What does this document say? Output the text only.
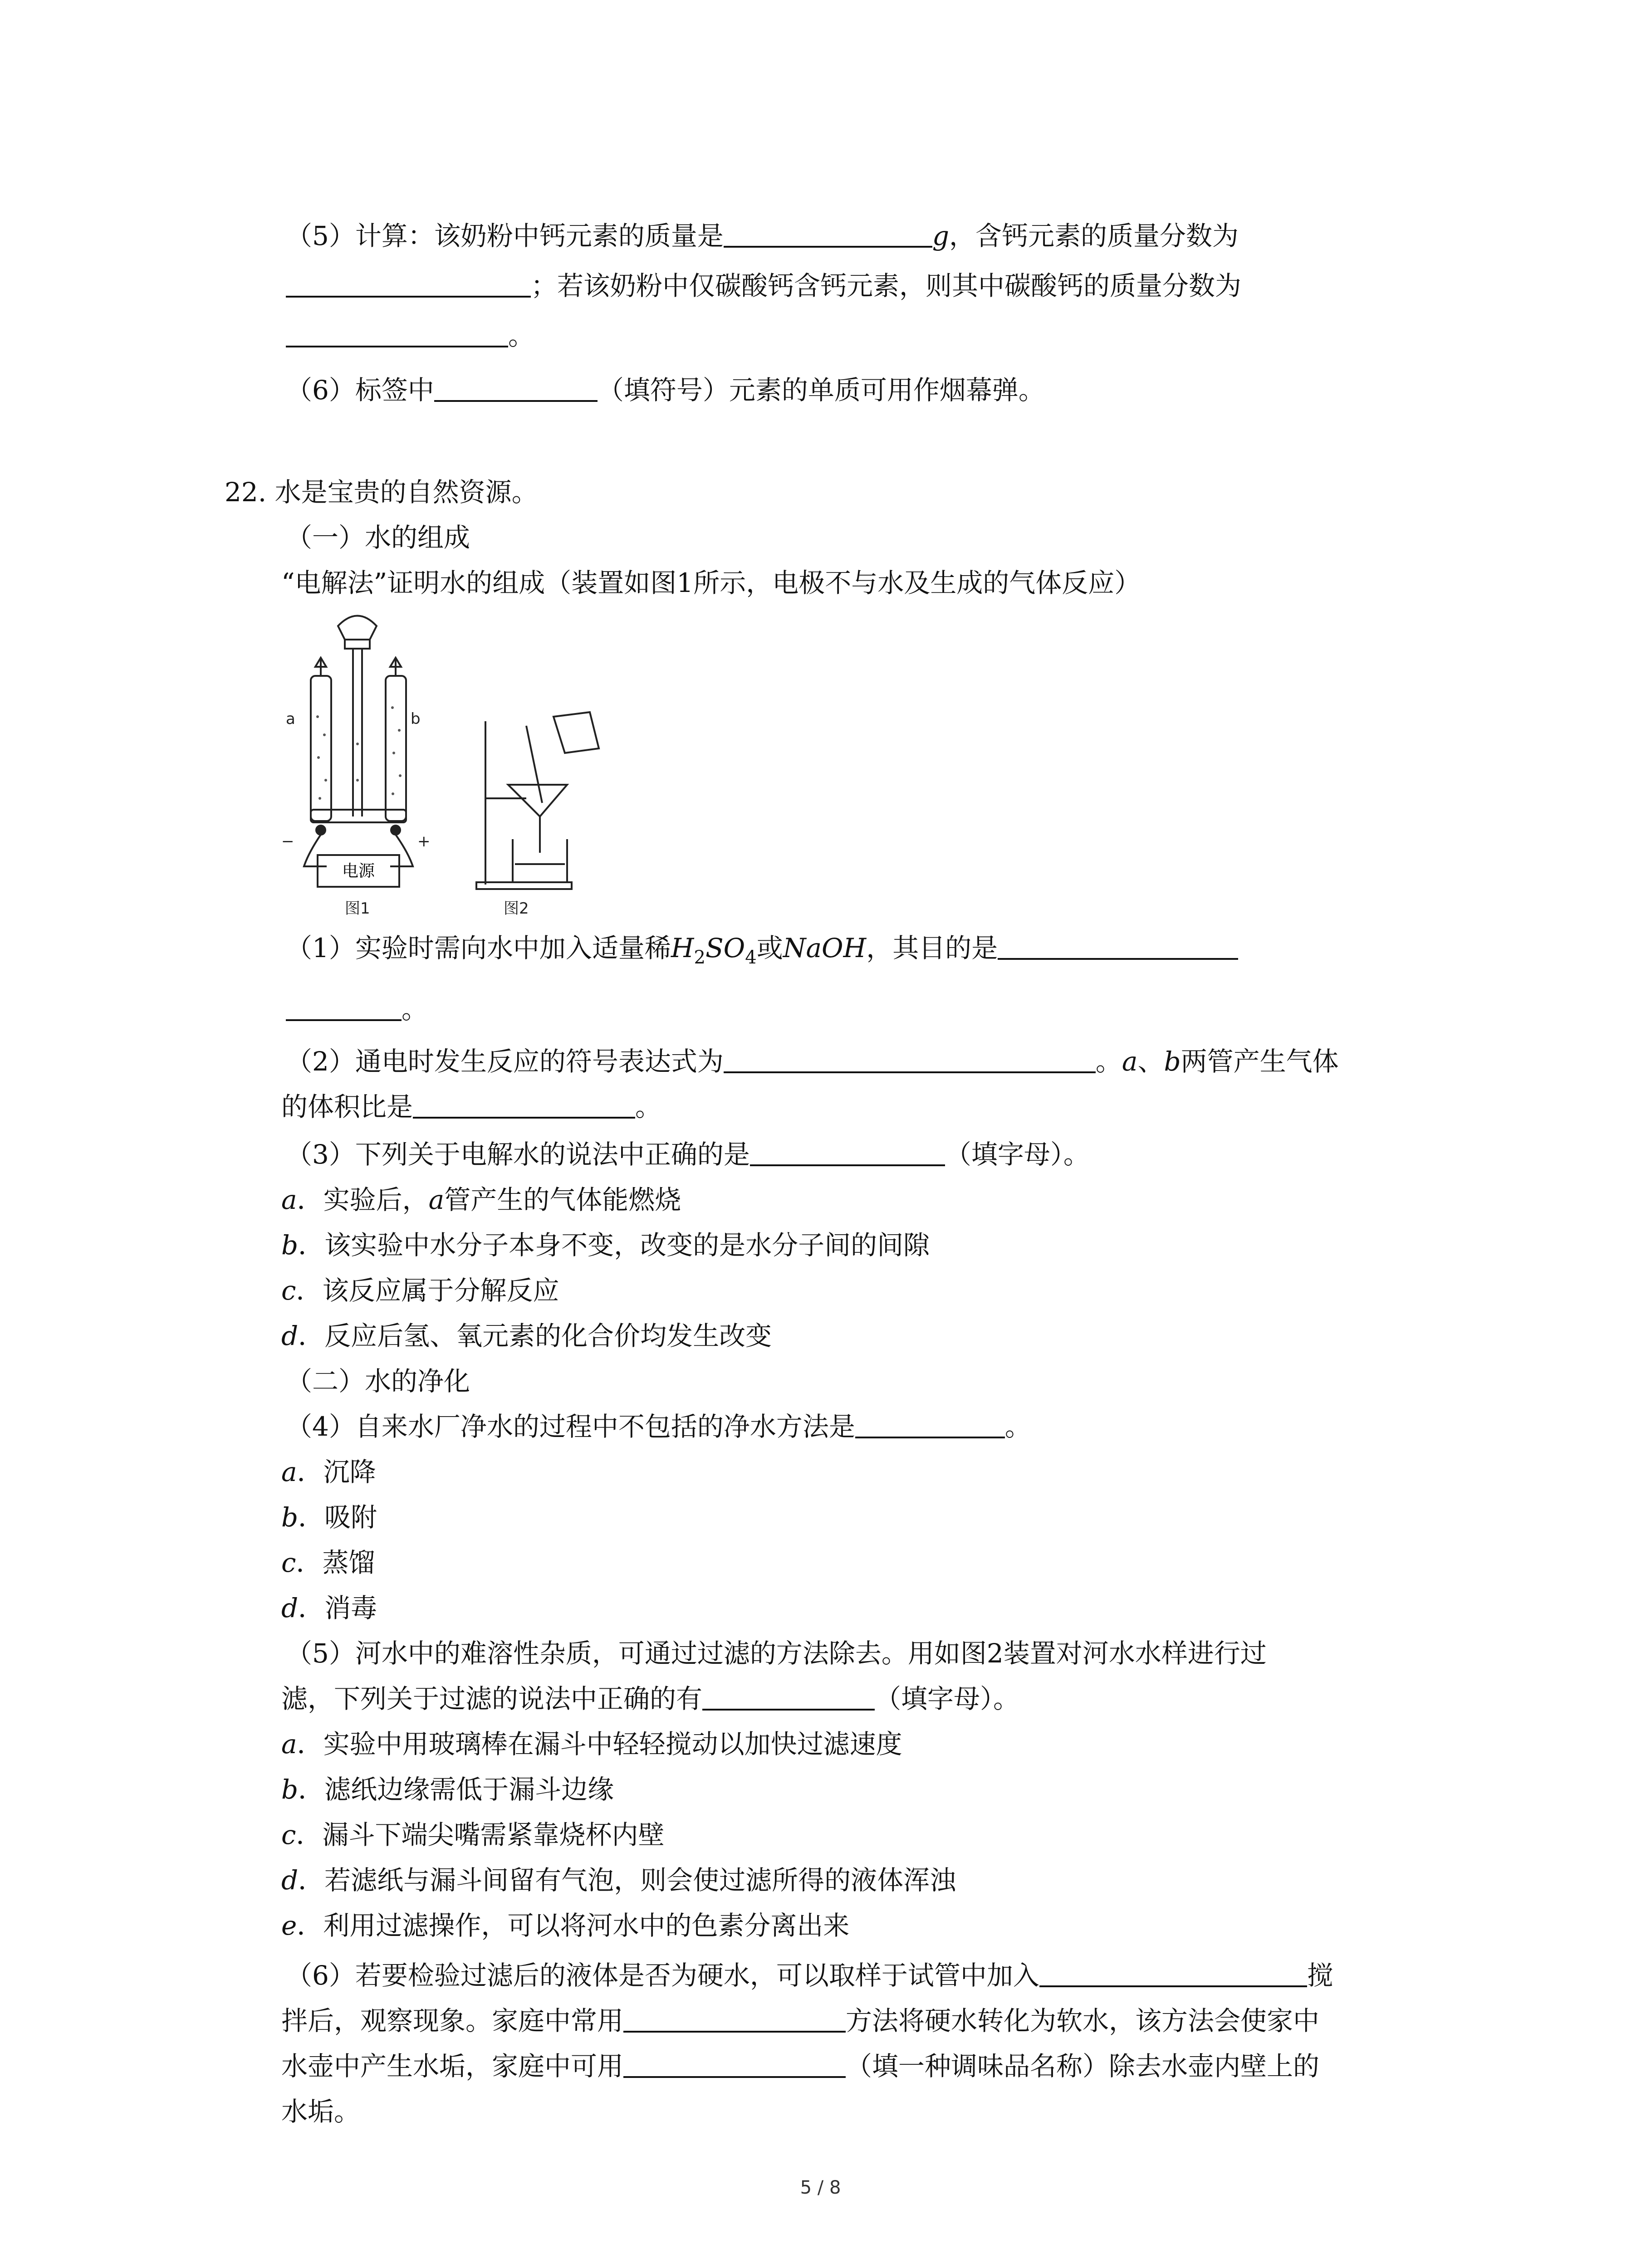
（5）计算：该奶粉中钙元素的质量是	g，含钙元素的质量分数为
；若该奶粉中仅碳酸钙含钙元素，则其中碳酸钙的质量分数为
。
（6）标签中	（填符号）元素的单质可用作烟幕弹。
22. 水是宝贵的自然资源。
（一）水的组成
“电解法”证明水的组成（装置如图1所示，电极不与水及生成的气体反应）
电源
a	b
−	+
图1	图2
（1）实验时需向水中加入适量稀$H_2SO_4$或NaOH，其目的是
。
（2）通电时发生反应的符号表达式为	。a、b两管产生气体
的体积比是	。
（3）下列关于电解水的说法中正确的是	（填字母）。
a．实验后，a管产生的气体能燃烧
b．该实验中水分子本身不变，改变的是水分子间的间隙
c．该反应属于分解反应
d．反应后氢、氧元素的化合价均发生改变
（二）水的净化
（4）自来水厂净水的过程中不包括的净水方法是	。
a．沉降
b．吸附
c．蒸馏
d．消毒
（5）河水中的难溶性杂质，可通过过滤的方法除去。用如图2装置对河水水样进行过
滤，下列关于过滤的说法中正确的有	（填字母）。
a．实验中用玻璃棒在漏斗中轻轻搅动以加快过滤速度
b．滤纸边缘需低于漏斗边缘
c．漏斗下端尖嘴需紧靠烧杯内壁
d．若滤纸与漏斗间留有气泡，则会使过滤所得的液体浑浊
e．利用过滤操作，可以将河水中的色素分离出来
（6）若要检验过滤后的液体是否为硬水，可以取样于试管中加入	搅
拌后，观察现象。家庭中常用	方法将硬水转化为软水，该方法会使家中
水壶中产生水垢，家庭中可用	（填一种调味品名称）除去水壶内壁上的
水垢。
5 / 8
